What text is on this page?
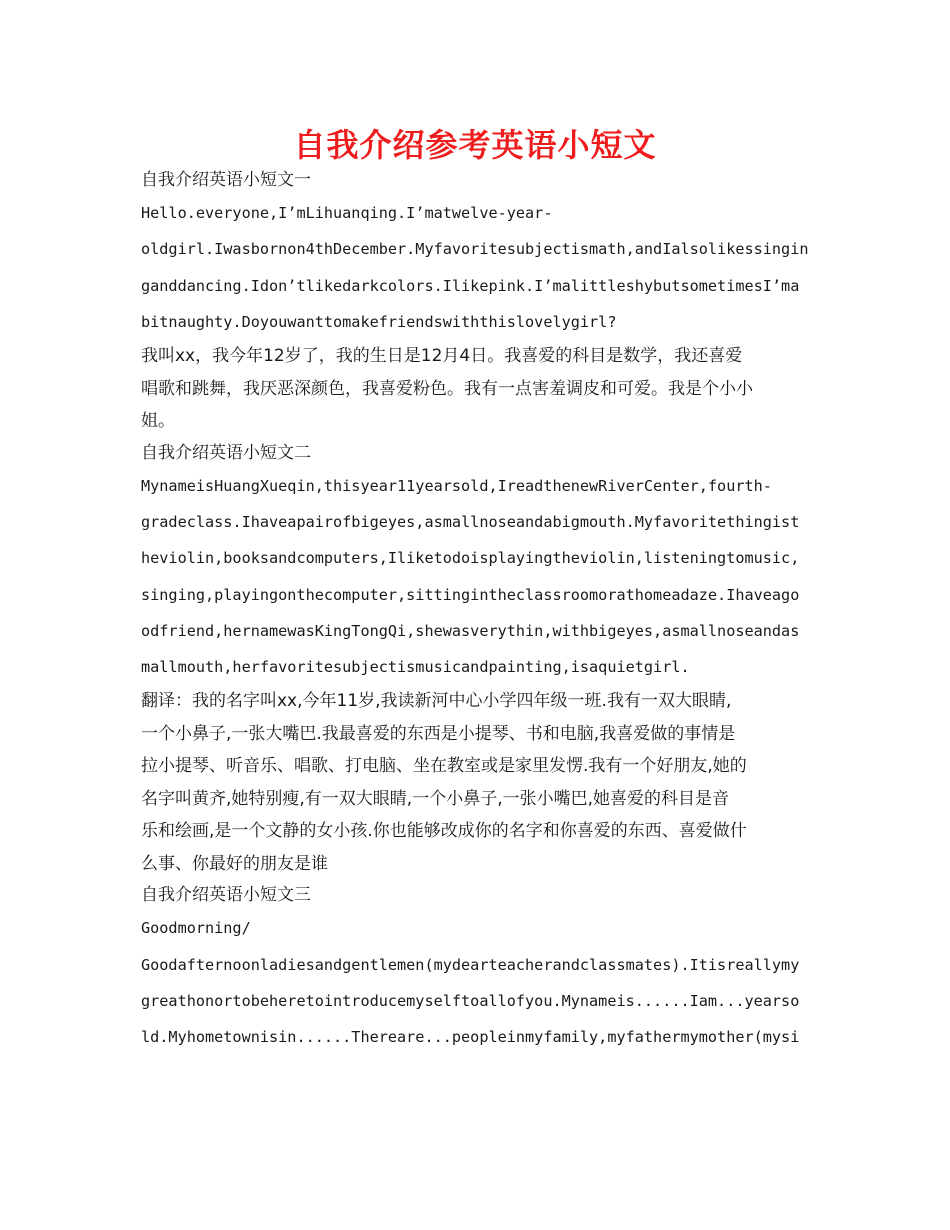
自我介绍参考英语小短文
自我介绍英语小短文一
Hello.everyone,I’mLihuanqing.I’matwelve-year-
oldgirl.Iwasbornon4thDecember.Myfavoritesubjectismath,andIalsolikessingin
ganddancing.Idon’tlikedarkcolors.Ilikepink.I’malittleshybutsometimesI’ma
bitnaughty.Doyouwanttomakefriendswiththislovelygirl?
我叫xx，我今年12岁了，我的生日是12月4日。我喜爱的科目是数学，我还喜爱
唱歌和跳舞，我厌恶深颜色，我喜爱粉色。我有一点害羞调皮和可爱。我是个小小
姐。
自我介绍英语小短文二
MynameisHuangXueqin,thisyear11yearsold,IreadthenewRiverCenter,fourth-
gradeclass.Ihaveapairofbigeyes,asmallnoseandabigmouth.Myfavoritethingist
heviolin,booksandcomputers,Iliketodoisplayingtheviolin,listeningtomusic,
singing,playingonthecomputer,sittingintheclassroomorathomeadaze.Ihaveago
odfriend,hernamewasKingTongQi,shewasverythin,withbigeyes,asmallnoseandas
mallmouth,herfavoritesubjectismusicandpainting,isaquietgirl.
翻译：我的名字叫xx,今年11岁,我读新河中心小学四年级一班.我有一双大眼睛,
一个小鼻子,一张大嘴巴.我最喜爱的东西是小提琴、书和电脑,我喜爱做的事情是
拉小提琴、听音乐、唱歌、打电脑、坐在教室或是家里发愣.我有一个好朋友,她的
名字叫黄齐,她特别瘦,有一双大眼睛,一个小鼻子,一张小嘴巴,她喜爱的科目是音
乐和绘画,是一个文静的女小孩.你也能够改成你的名字和你喜爱的东西、喜爱做什
么事、你最好的朋友是谁
自我介绍英语小短文三
Goodmorning/
Goodafternoonladiesandgentlemen(mydearteacherandclassmates).Itisreallymy
greathonortobeheretointroducemyselftoallofyou.Mynameis......Iam...yearso
ld.Myhometownisin......Thereare...peopleinmyfamily,myfathermymother(mysi
